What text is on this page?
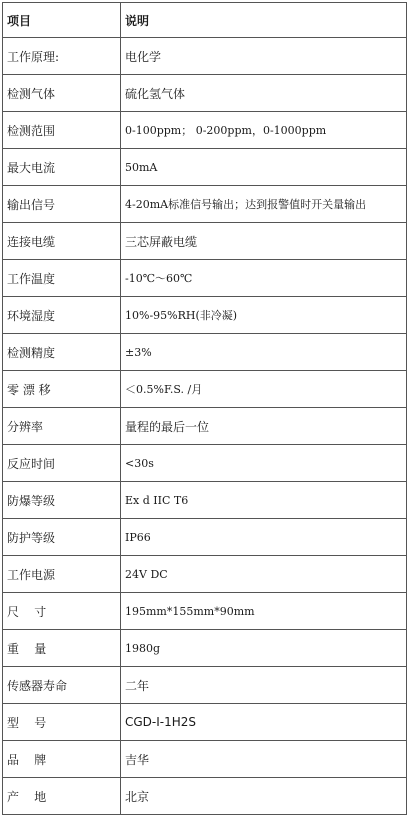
项目	说明
工作原理:	电化学
检测气体	硫化氢气体
检测范围	0-100ppm； 0-200ppm，0-1000ppm
最大电流	50mA
输出信号	4-20mA标准信号输出；达到报警值时开关量输出
连接电缆	三芯屏蔽电缆
工作温度	-10℃～60℃
环境湿度	10%-95%RH(非冷凝)
检测精度	±3%
零 漂 移	＜0.5%F.S. /月
分辨率	量程的最后一位
反应时间	<30s
防爆等级	Ex d IIC T6
防护等级	IP66
工作电源	24V DC
尺    寸	195mm*155mm*90mm
重    量	1980g
传感器寿命	二年
型    号	CGD-I-1H2S
品    牌	吉华
产    地	北京
